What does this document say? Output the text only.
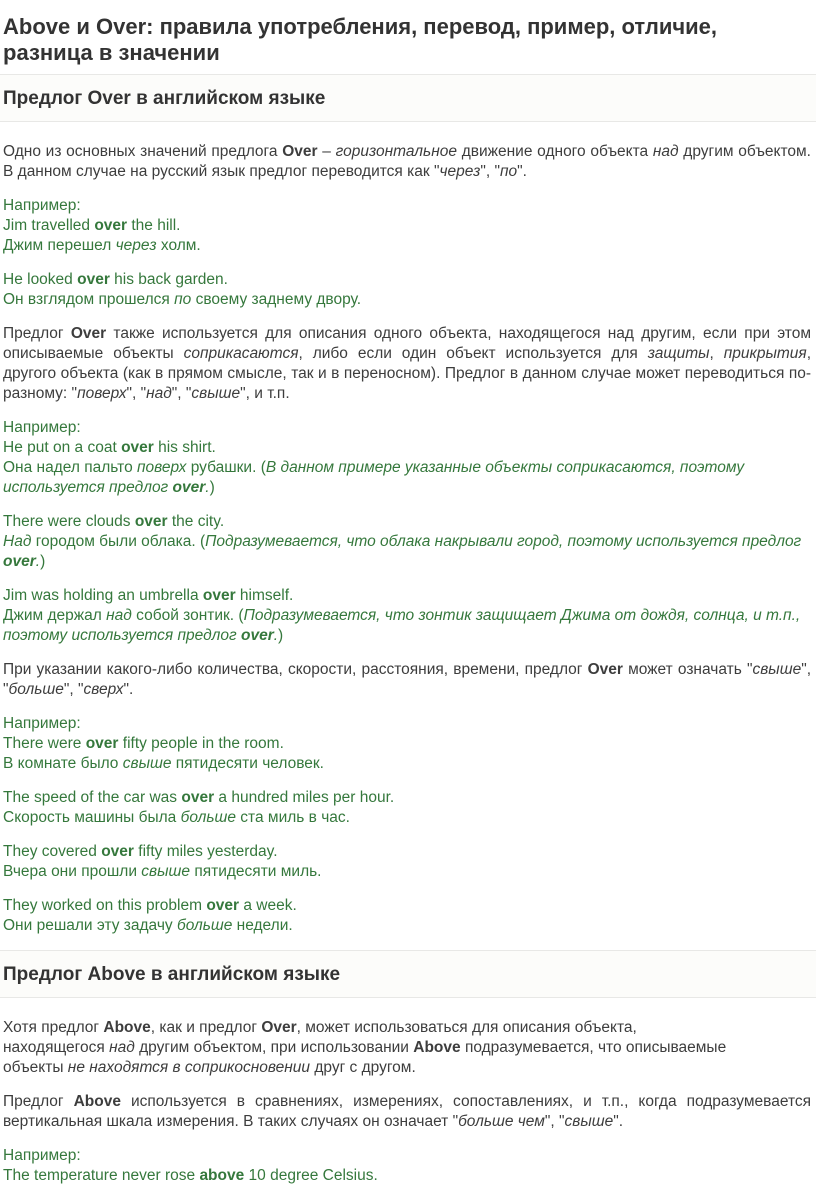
Above и Over: правила употребления, перевод, пример, отличие, разница в значении
Предлог Over в английском языке

Одно из основных значений предлога Over – горизонтальное движение одного объекта над другим объектом. В данном случае на русский язык предлог переводится как "через", "по".

Например:
Jim travelled over the hill.
Джим перешел через холм.

He looked over his back garden.
Он взглядом прошелся по своему заднему двору.

Предлог Over также используется для описания одного объекта, находящегося над другим, если при этом описываемые объекты соприкасаются, либо если один объект используется для защиты, прикрытия, другого объекта (как в прямом смысле, так и в переносном). Предлог в данном случае может переводиться по-разному: "поверх", "над", "свыше", и т.п.

Например:
He put on a coat over his shirt.
Она надел пальто поверх рубашки. (В данном примере указанные объекты соприкасаются, поэтому используется предлог over.)

There were clouds over the city.
Над городом были облака. (Подразумевается, что облака накрывали город, поэтому используется предлог over.)

Jim was holding an umbrella over himself.
Джим держал над собой зонтик. (Подразумевается, что зонтик защищает Джима от дождя, солнца, и т.п., поэтому используется предлог over.)

При указании какого-либо количества, скорости, расстояния, времени, предлог Over может означать "свыше", "больше", "сверх".

Например:
There were over fifty people in the room.
В комнате было свыше пятидесяти человек.

The speed of the car was over a hundred miles per hour.
Скорость машины была больше ста миль в час.

They covered over fifty miles yesterday.
Вчера они прошли свыше пятидесяти миль.

They worked on this problem over a week.
Они решали эту задачу больше недели.

Предлог Above в английском языке

Хотя предлог Above, как и предлог Over, может использоваться для описания объекта,
находящегося над другим объектом, при использовании Above подразумевается, что описываемые
объекты не находятся в соприкосновении друг с другом.

Предлог Above используется в сравнениях, измерениях, сопоставлениях, и т.п., когда подразумевается вертикальная шкала измерения. В таких случаях он означает "больше чем", "свыше".

Например:
The temperature never rose above 10 degree Celsius.
